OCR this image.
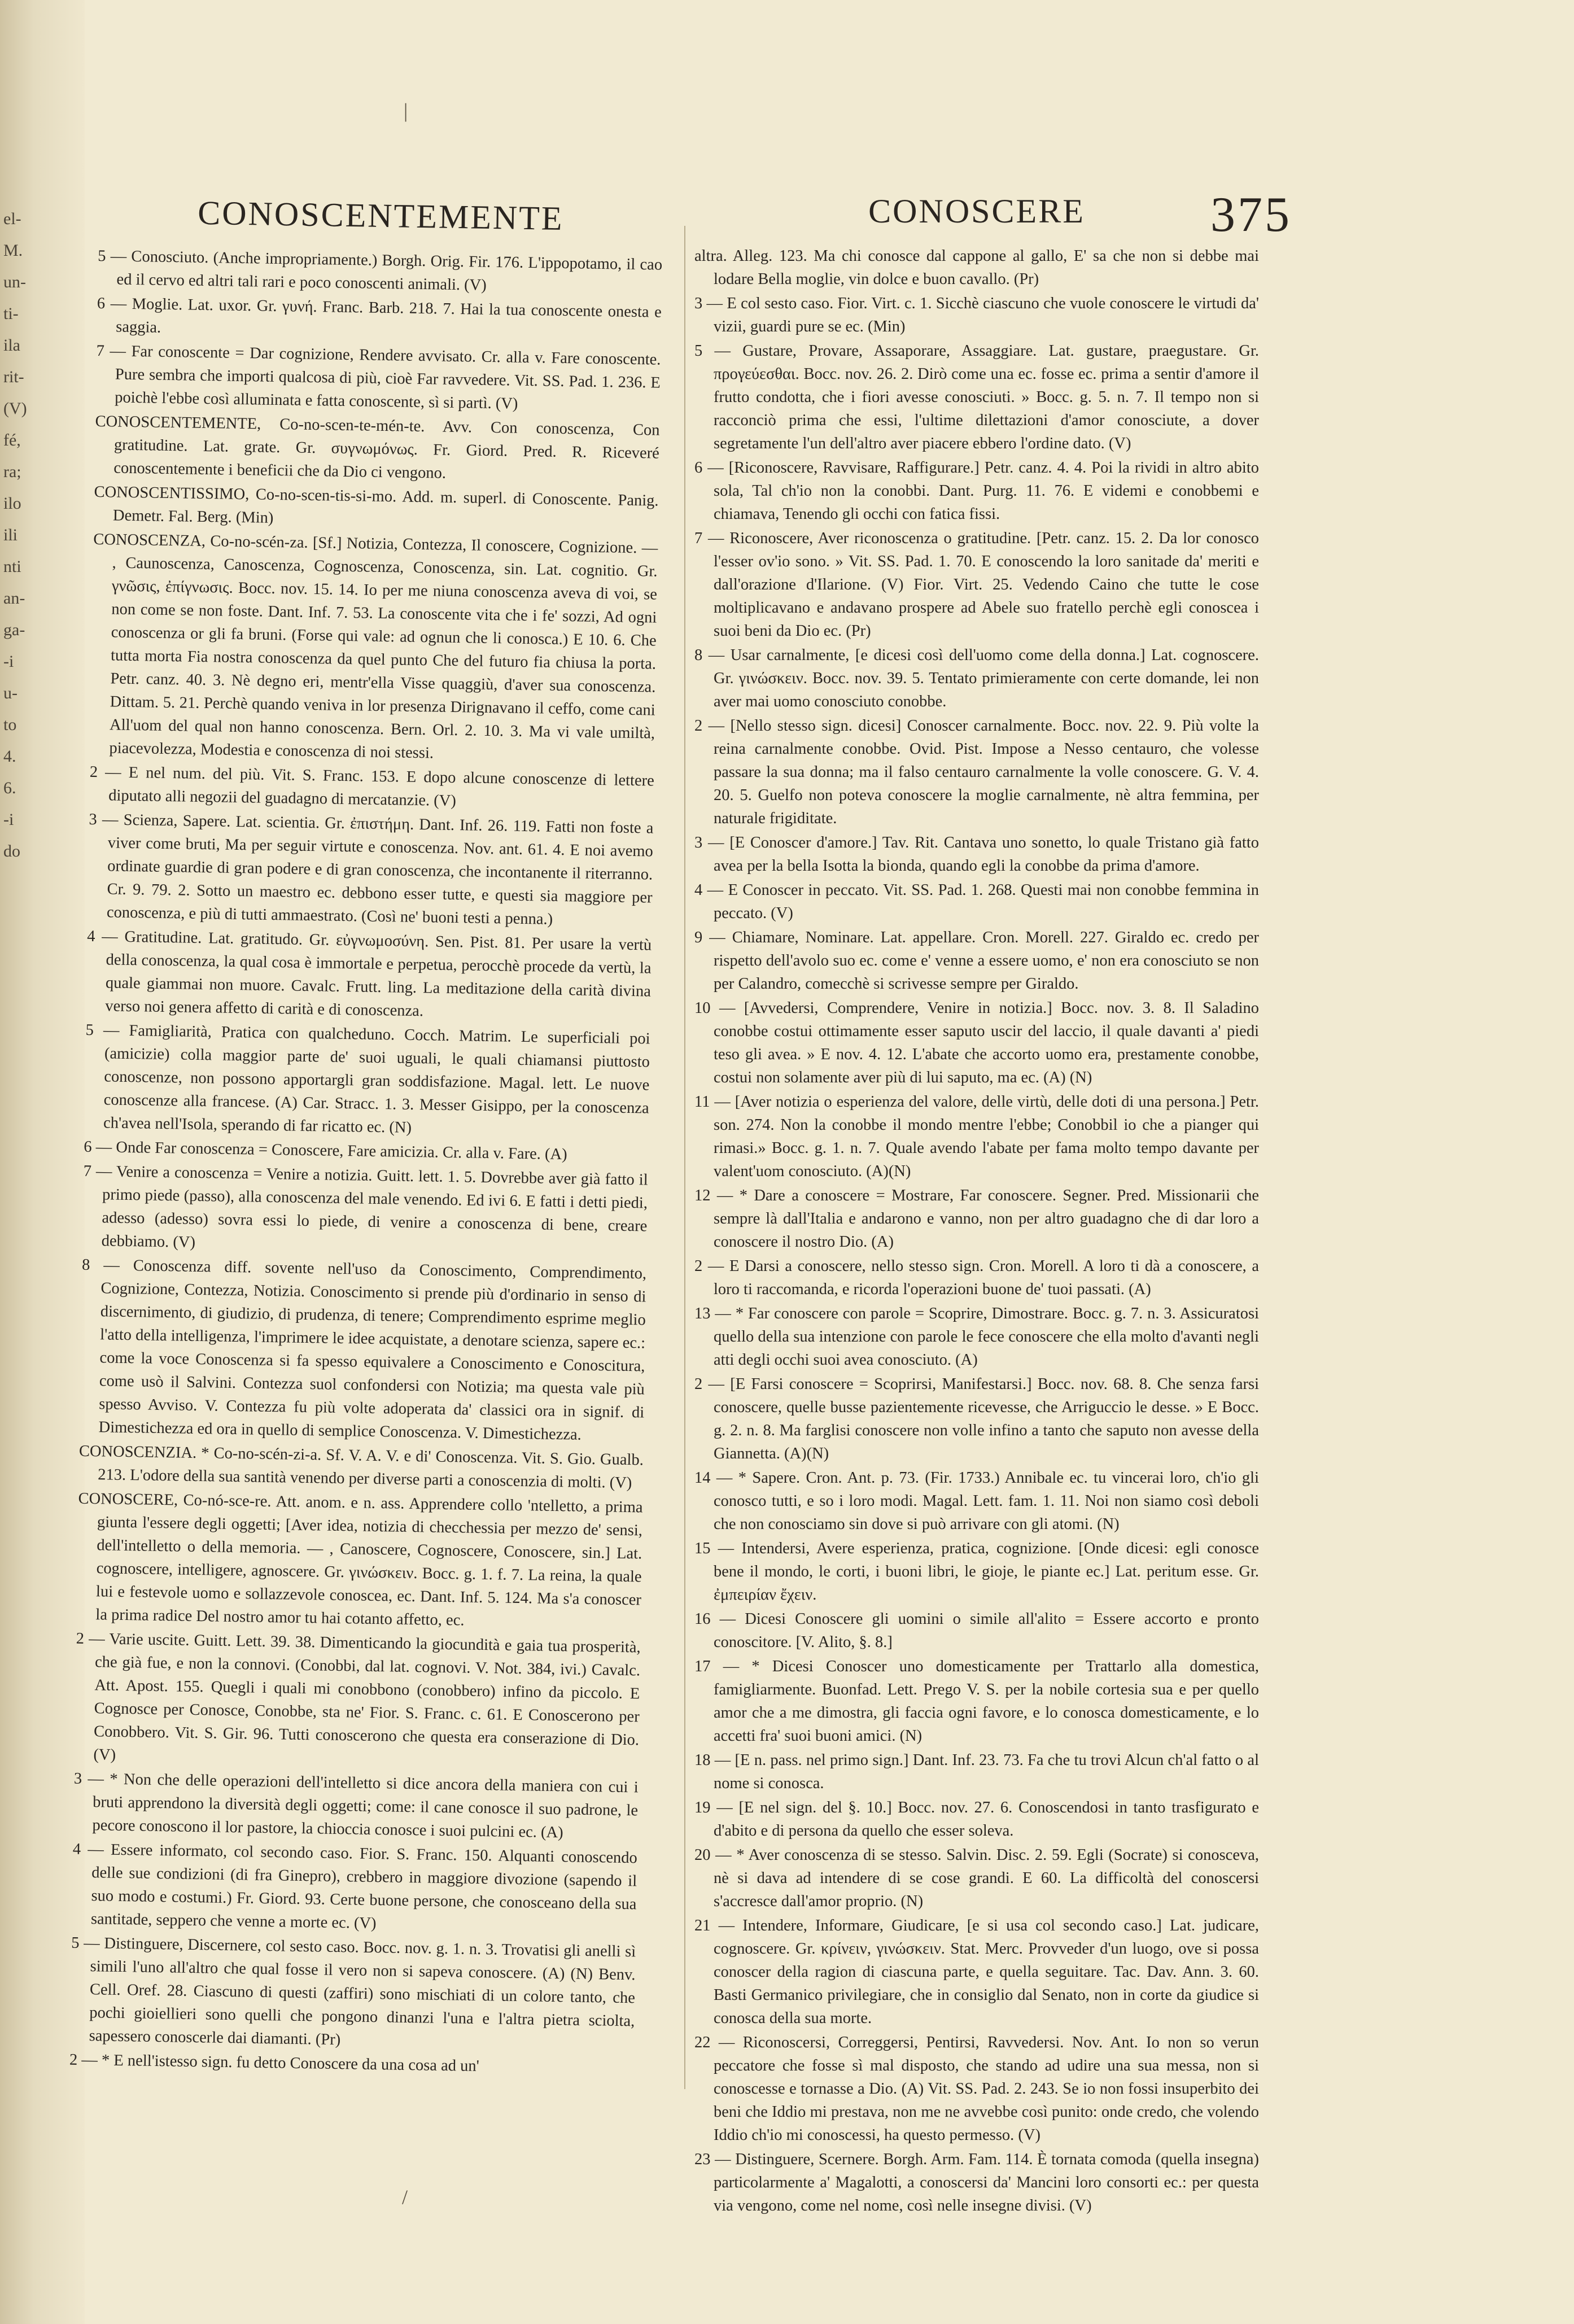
el-
M.
un-
ti-
ila
rit-
(V)
fé,
ra;
ilo
ili
nti
an-
ga-
-i
u-
to
4.
6.
-i
do
375
CONOSCENTEMENTE

5 — Conosciuto. (Anche impropriamente.) Borgh. Orig. Fir. 176. L'ippopotamo, il cao ed il cervo ed altri tali rari e poco conoscenti animali. (V)

6 — Moglie. Lat. uxor. Gr. γυνή. Franc. Barb. 218. 7. Hai la tua conoscente onesta e saggia.

7 — Far conoscente = Dar cognizione, Rendere avvisato. Cr. alla v. Fare conoscente. Pure sembra che importi qualcosa di più, cioè Far ravvedere. Vit. SS. Pad. 1. 236. E poichè l'ebbe così alluminata e fatta conoscente, sì si partì. (V)

CONOSCENTEMENTE, Co-no-scen-te-mén-te. Avv. Con conoscenza, Con gratitudine. Lat. grate. Gr. συγνωμόνως. Fr. Giord. Pred. R. Riceveré conoscentemente i beneficii che da Dio ci vengono.

CONOSCENTISSIMO, Co-no-scen-tis-si-mo. Add. m. superl. di Conoscente. Panig. Demetr. Fal. Berg. (Min)

CONOSCENZA, Co-no-scén-za. [Sf.] Notizia, Contezza, Il conoscere, Cognizione. — , Caunoscenza, Canoscenza, Cognoscenza, Conoscenza, sin. Lat. cognitio. Gr. γνῶσις, ἐπίγνωσις. Bocc. nov. 15. 14. Io per me niuna conoscenza aveva di voi, se non come se non foste. Dant. Inf. 7. 53. La conoscente vita che i fe' sozzi, Ad ogni conoscenza or gli fa bruni. (Forse qui vale: ad ognun che li conosca.) E 10. 6. Che tutta morta Fia nostra conoscenza da quel punto Che del futuro fia chiusa la porta. Petr. canz. 40. 3. Nè degno eri, mentr'ella Visse quaggiù, d'aver sua conoscenza. Dittam. 5. 21. Perchè quando veniva in lor presenza Dirignavano il ceffo, come cani All'uom del qual non hanno conoscenza. Bern. Orl. 2. 10. 3. Ma vi vale umiltà, piacevolezza, Modestia e conoscenza di noi stessi.

2 — E nel num. del più. Vit. S. Franc. 153. E dopo alcune conoscenze di lettere diputato alli negozii del guadagno di mercatanzie. (V)

3 — Scienza, Sapere. Lat. scientia. Gr. ἐπιστήμη. Dant. Inf. 26. 119. Fatti non foste a viver come bruti, Ma per seguir virtute e conoscenza. Nov. ant. 61. 4. E noi avemo ordinate guardie di gran podere e di gran conoscenza, che incontanente il riterranno. Cr. 9. 79. 2. Sotto un maestro ec. debbono esser tutte, e questi sia maggiore per conoscenza, e più di tutti ammaestrato. (Così ne' buoni testi a penna.)

4 — Gratitudine. Lat. gratitudo. Gr. εὐγνωμοσύνη. Sen. Pist. 81. Per usare la vertù della conoscenza, la qual cosa è immortale e perpetua, perocchè procede da vertù, la quale giammai non muore. Cavalc. Frutt. ling. La meditazione della carità divina verso noi genera affetto di carità e di conoscenza.

5 — Famigliarità, Pratica con qualcheduno. Cocch. Matrim. Le superficiali poi (amicizie) colla maggior parte de' suoi uguali, le quali chiamansi piuttosto conoscenze, non possono apportargli gran soddisfazione. Magal. lett. Le nuove conoscenze alla francese. (A) Car. Stracc. 1. 3. Messer Gisippo, per la conoscenza ch'avea nell'Isola, sperando di far ricatto ec. (N)

6 — Onde Far conoscenza = Conoscere, Fare amicizia. Cr. alla v. Fare. (A)

7 — Venire a conoscenza = Venire a notizia. Guitt. lett. 1. 5. Dovrebbe aver già fatto il primo piede (passo), alla conoscenza del male venendo. Ed ivi 6. E fatti i detti piedi, adesso (adesso) sovra essi lo piede, di venire a conoscenza di bene, creare debbiamo. (V)

8 — Conoscenza diff. sovente nell'uso da Conoscimento, Comprendimento, Cognizione, Contezza, Notizia. Conoscimento si prende più d'ordinario in senso di discernimento, di giudizio, di prudenza, di tenere; Comprendimento esprime meglio l'atto della intelligenza, l'imprimere le idee acquistate, a denotare scienza, sapere ec.: come la voce Conoscenza si fa spesso equivalere a Conoscimento e Conoscitura, come usò il Salvini. Contezza suol confondersi con Notizia; ma questa vale più spesso Avviso. V. Contezza fu più volte adoperata da' classici ora in signif. di Dimestichezza ed ora in quello di semplice Conoscenza. V. Dimestichezza.

CONOSCENZIA. * Co-no-scén-zi-a. Sf. V. A. V. e di' Conoscenza. Vit. S. Gio. Gualb. 213. L'odore della sua santità venendo per diverse parti a conoscenzia di molti. (V)

CONOSCERE, Co-nó-sce-re. Att. anom. e n. ass. Apprendere collo 'ntelletto, a prima giunta l'essere degli oggetti; [Aver idea, notizia di checchessia per mezzo de' sensi, dell'intelletto o della memoria. — , Canoscere, Cognoscere, Conoscere, sin.] Lat. cognoscere, intelligere, agnoscere. Gr. γινώσκειν. Bocc. g. 1. f. 7. La reina, la quale lui e festevole uomo e sollazzevole conoscea, ec. Dant. Inf. 5. 124. Ma s'a conoscer la prima radice Del nostro amor tu hai cotanto affetto, ec.

2 — Varie uscite. Guitt. Lett. 39. 38. Dimenticando la giocundità e gaia tua prosperità, che già fue, e non la connovi. (Conobbi, dal lat. cognovi. V. Not. 384, ivi.) Cavalc. Att. Apost. 155. Quegli i quali mi conobbono (conobbero) infino da piccolo. E Cognosce per Conosce, Conobbe, sta ne' Fior. S. Franc. c. 61. E Conoscerono per Conobbero. Vit. S. Gir. 96. Tutti conoscerono che questa era conserazione di Dio. (V)

3 — * Non che delle operazioni dell'intelletto si dice ancora della maniera con cui i bruti apprendono la diversità degli oggetti; come: il cane conosce il suo padrone, le pecore conoscono il lor pastore, la chioccia conosce i suoi pulcini ec. (A)

4 — Essere informato, col secondo caso. Fior. S. Franc. 150. Alquanti conoscendo delle sue condizioni (di fra Ginepro), crebbero in maggiore divozione (sapendo il suo modo e costumi.) Fr. Giord. 93. Certe buone persone, che conosceano della sua santitade, seppero che venne a morte ec. (V)

5 — Distinguere, Discernere, col sesto caso. Bocc. nov. g. 1. n. 3. Trovatisi gli anelli sì simili l'uno all'altro che qual fosse il vero non si sapeva conoscere. (A) (N) Benv. Cell. Oref. 28. Ciascuno di questi (zaffiri) sono mischiati di un colore tanto, che pochi gioiellieri sono quelli che pongono dinanzi l'una e l'altra pietra sciolta, sapessero conoscerle dai diamanti. (Pr)

2 — * E nell'istesso sign. fu detto Conoscere da una cosa ad un'

CONOSCERE

altra. Alleg. 123. Ma chi conosce dal cappone al gallo, E' sa che non si debbe mai lodare Bella moglie, vin dolce e buon cavallo. (Pr)

3 — E col sesto caso. Fior. Virt. c. 1. Sicchè ciascuno che vuole conoscere le virtudi da' vizii, guardi pure se ec. (Min)

5 — Gustare, Provare, Assaporare, Assaggiare. Lat. gustare, praegustare. Gr. προγεύεσθαι. Bocc. nov. 26. 2. Dirò come una ec. fosse ec. prima a sentir d'amore il frutto condotta, che i fiori avesse conosciuti. » Bocc. g. 5. n. 7. Il tempo non si racconciò prima che essi, l'ultime dilettazioni d'amor conosciute, a dover segretamente l'un dell'altro aver piacere ebbero l'ordine dato. (V)

6 — [Riconoscere, Ravvisare, Raffigurare.] Petr. canz. 4. 4. Poi la rividi in altro abito sola, Tal ch'io non la conobbi. Dant. Purg. 11. 76. E videmi e conobbemi e chiamava, Tenendo gli occhi con fatica fissi.

7 — Riconoscere, Aver riconoscenza o gratitudine. [Petr. canz. 15. 2. Da lor conosco l'esser ov'io sono. » Vit. SS. Pad. 1. 70. E conoscendo la loro sanitade da' meriti e dall'orazione d'Ilarione. (V) Fior. Virt. 25. Vedendo Caino che tutte le cose moltiplicavano e andavano prospere ad Abele suo fratello perchè egli conoscea i suoi beni da Dio ec. (Pr)

8 — Usar carnalmente, [e dicesi così dell'uomo come della donna.] Lat. cognoscere. Gr. γινώσκειν. Bocc. nov. 39. 5. Tentato primieramente con certe domande, lei non aver mai uomo conosciuto conobbe.

2 — [Nello stesso sign. dicesi] Conoscer carnalmente. Bocc. nov. 22. 9. Più volte la reina carnalmente conobbe. Ovid. Pist. Impose a Nesso centauro, che volesse passare la sua donna; ma il falso centauro carnalmente la volle conoscere. G. V. 4. 20. 5. Guelfo non poteva conoscere la moglie carnalmente, nè altra femmina, per naturale frigiditate.

3 — [E Conoscer d'amore.] Tav. Rit. Cantava uno sonetto, lo quale Tristano già fatto avea per la bella Isotta la bionda, quando egli la conobbe da prima d'amore.

4 — E Conoscer in peccato. Vit. SS. Pad. 1. 268. Questi mai non conobbe femmina in peccato. (V)

9 — Chiamare, Nominare. Lat. appellare. Cron. Morell. 227. Giraldo ec. credo per rispetto dell'avolo suo ec. come e' venne a essere uomo, e' non era conosciuto se non per Calandro, comecchè si scrivesse sempre per Giraldo.

10 — [Avvedersi, Comprendere, Venire in notizia.] Bocc. nov. 3. 8. Il Saladino conobbe costui ottimamente esser saputo uscir del laccio, il quale davanti a' piedi teso gli avea. » E nov. 4. 12. L'abate che accorto uomo era, prestamente conobbe, costui non solamente aver più di lui saputo, ma ec. (A) (N)

11 — [Aver notizia o esperienza del valore, delle virtù, delle doti di una persona.] Petr. son. 274. Non la conobbe il mondo mentre l'ebbe; Conobbil io che a pianger qui rimasi.» Bocc. g. 1. n. 7. Quale avendo l'abate per fama molto tempo davante per valent'uom conosciuto. (A)(N)

12 — * Dare a conoscere = Mostrare, Far conoscere. Segner. Pred. Missionarii che sempre là dall'Italia e andarono e vanno, non per altro guadagno che di dar loro a conoscere il nostro Dio. (A)

2 — E Darsi a conoscere, nello stesso sign. Cron. Morell. A loro ti dà a conoscere, a loro ti raccomanda, e ricorda l'operazioni buone de' tuoi passati. (A)

13 — * Far conoscere con parole = Scoprire, Dimostrare. Bocc. g. 7. n. 3. Assicuratosi quello della sua intenzione con parole le fece conoscere che ella molto d'avanti negli atti degli occhi suoi avea conosciuto. (A)

2 — [E Farsi conoscere = Scoprirsi, Manifestarsi.] Bocc. nov. 68. 8. Che senza farsi conoscere, quelle busse pazientemente ricevesse, che Arriguccio le desse. » E Bocc. g. 2. n. 8. Ma farglisi conoscere non volle infino a tanto che saputo non avesse della Giannetta. (A)(N)

14 — * Sapere. Cron. Ant. p. 73. (Fir. 1733.) Annibale ec. tu vincerai loro, ch'io gli conosco tutti, e so i loro modi. Magal. Lett. fam. 1. 11. Noi non siamo così deboli che non conosciamo sin dove si può arrivare con gli atomi. (N)

15 — Intendersi, Avere esperienza, pratica, cognizione. [Onde dicesi: egli conosce bene il mondo, le corti, i buoni libri, le gioje, le piante ec.] Lat. peritum esse. Gr. ἐμπειρίαν ἔχειν.

16 — Dicesi Conoscere gli uomini o simile all'alito = Essere accorto e pronto conoscitore. [V. Alito, §. 8.]

17 — * Dicesi Conoscer uno domesticamente per Trattarlo alla domestica, famigliarmente. Buonfad. Lett. Prego V. S. per la nobile cortesia sua e per quello amor che a me dimostra, gli faccia ogni favore, e lo conosca domesticamente, e lo accetti fra' suoi buoni amici. (N)

18 — [E n. pass. nel primo sign.] Dant. Inf. 23. 73. Fa che tu trovi Alcun ch'al fatto o al nome si conosca.

19 — [E nel sign. del §. 10.] Bocc. nov. 27. 6. Conoscendosi in tanto trasfigurato e d'abito e di persona da quello che esser soleva.

20 — * Aver conoscenza di se stesso. Salvin. Disc. 2. 59. Egli (Socrate) si conosceva, nè si dava ad intendere di se cose grandi. E 60. La difficoltà del conoscersi s'accresce dall'amor proprio. (N)

21 — Intendere, Informare, Giudicare, [e si usa col secondo caso.] Lat. judicare, cognoscere. Gr. κρίνειν, γινώσκειν. Stat. Merc. Provveder d'un luogo, ove si possa conoscer della ragion di ciascuna parte, e quella seguitare. Tac. Dav. Ann. 3. 60. Basti Germanico privilegiare, che in consiglio dal Senato, non in corte da giudice si conosca della sua morte.

22 — Riconoscersi, Correggersi, Pentirsi, Ravvedersi. Nov. Ant. Io non so verun peccatore che fosse sì mal disposto, che stando ad udire una sua messa, non si conoscesse e tornasse a Dio. (A) Vit. SS. Pad. 2. 243. Se io non fossi insuperbito dei beni che Iddio mi prestava, non me ne avvebbe così punito: onde credo, che volendo Iddio ch'io mi conoscessi, ha questo permesso. (V)

23 — Distinguere, Scernere. Borgh. Arm. Fam. 114. È tornata comoda (quella insegna) particolarmente a' Magalotti, a conoscersi da' Mancini loro consorti ec.: per questa via vengono, come nel nome, così nelle insegne divisi. (V)

|
/
